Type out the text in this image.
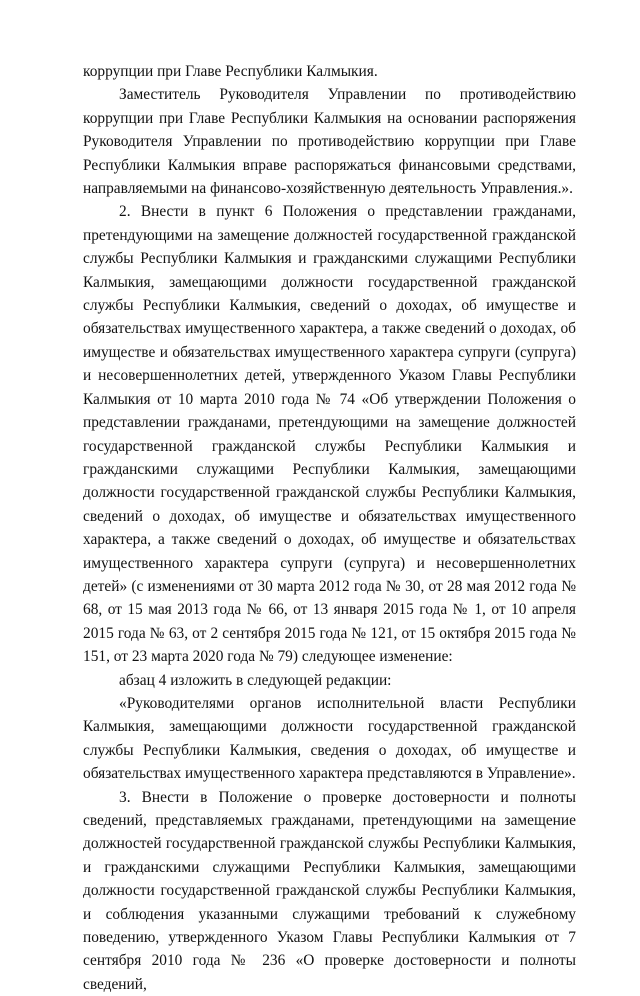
коррупции при Главе Республики Калмыкия.

Заместитель Руководителя Управлении по противодействию коррупции при Главе Республики Калмыкия на основании распоряжения Руководителя Управлении по противодействию коррупции при Главе Республики Калмыкия вправе распоряжаться финансовыми средствами, направляемыми на финансово-хозяйственную деятельность Управления.».

2. Внести в пункт 6 Положения о представлении гражданами, претендующими на замещение должностей государственной гражданской службы Республики Калмыкия и гражданскими служащими Республики Калмыкия, замещающими должности государственной гражданской службы Республики Калмыкия, сведений о доходах, об имуществе и обязательствах имущественного характера, а также сведений о доходах, об имуществе и обязательствах имущественного характера супруги (супруга) и несовершеннолетних детей, утвержденного Указом Главы Республики Калмыкия от 10 марта 2010 года № 74 «Об утверждении Положения о представлении гражданами, претендующими на замещение должностей государственной гражданской службы Республики Калмыкия и гражданскими служащими Республики Калмыкия, замещающими должности государственной гражданской службы Республики Калмыкия, сведений о доходах, об имуществе и обязательствах имущественного характера, а также сведений о доходах, об имуществе и обязательствах имущественного характера супруги (супруга) и несовершеннолетних детей» (с изменениями от 30 марта 2012 года № 30, от 28 мая 2012 года № 68, от 15 мая 2013 года № 66, от 13 января 2015 года № 1, от 10 апреля 2015 года № 63, от 2 сентября 2015 года № 121, от 15 октября 2015 года № 151, от 23 марта 2020 года № 79) следующее изменение:

абзац 4 изложить в следующей редакции:

«Руководителями органов исполнительной власти Республики Калмыкия, замещающими должности государственной гражданской службы Республики Калмыкия, сведения о доходах, об имуществе и обязательствах имущественного характера представляются в Управление».

3. Внести в Положение о проверке достоверности и полноты сведений, представляемых гражданами, претендующими на замещение должностей государственной гражданской службы Республики Калмыкия, и гражданскими служащими Республики Калмыкия, замещающими должности государственной гражданской службы Республики Калмыкия, и соблюдения указанными служащими требований к служебному поведению, утвержденного Указом Главы Республики Калмыкия от 7 сентября 2010 года № 236 «О проверке достоверности и полноты сведений,
